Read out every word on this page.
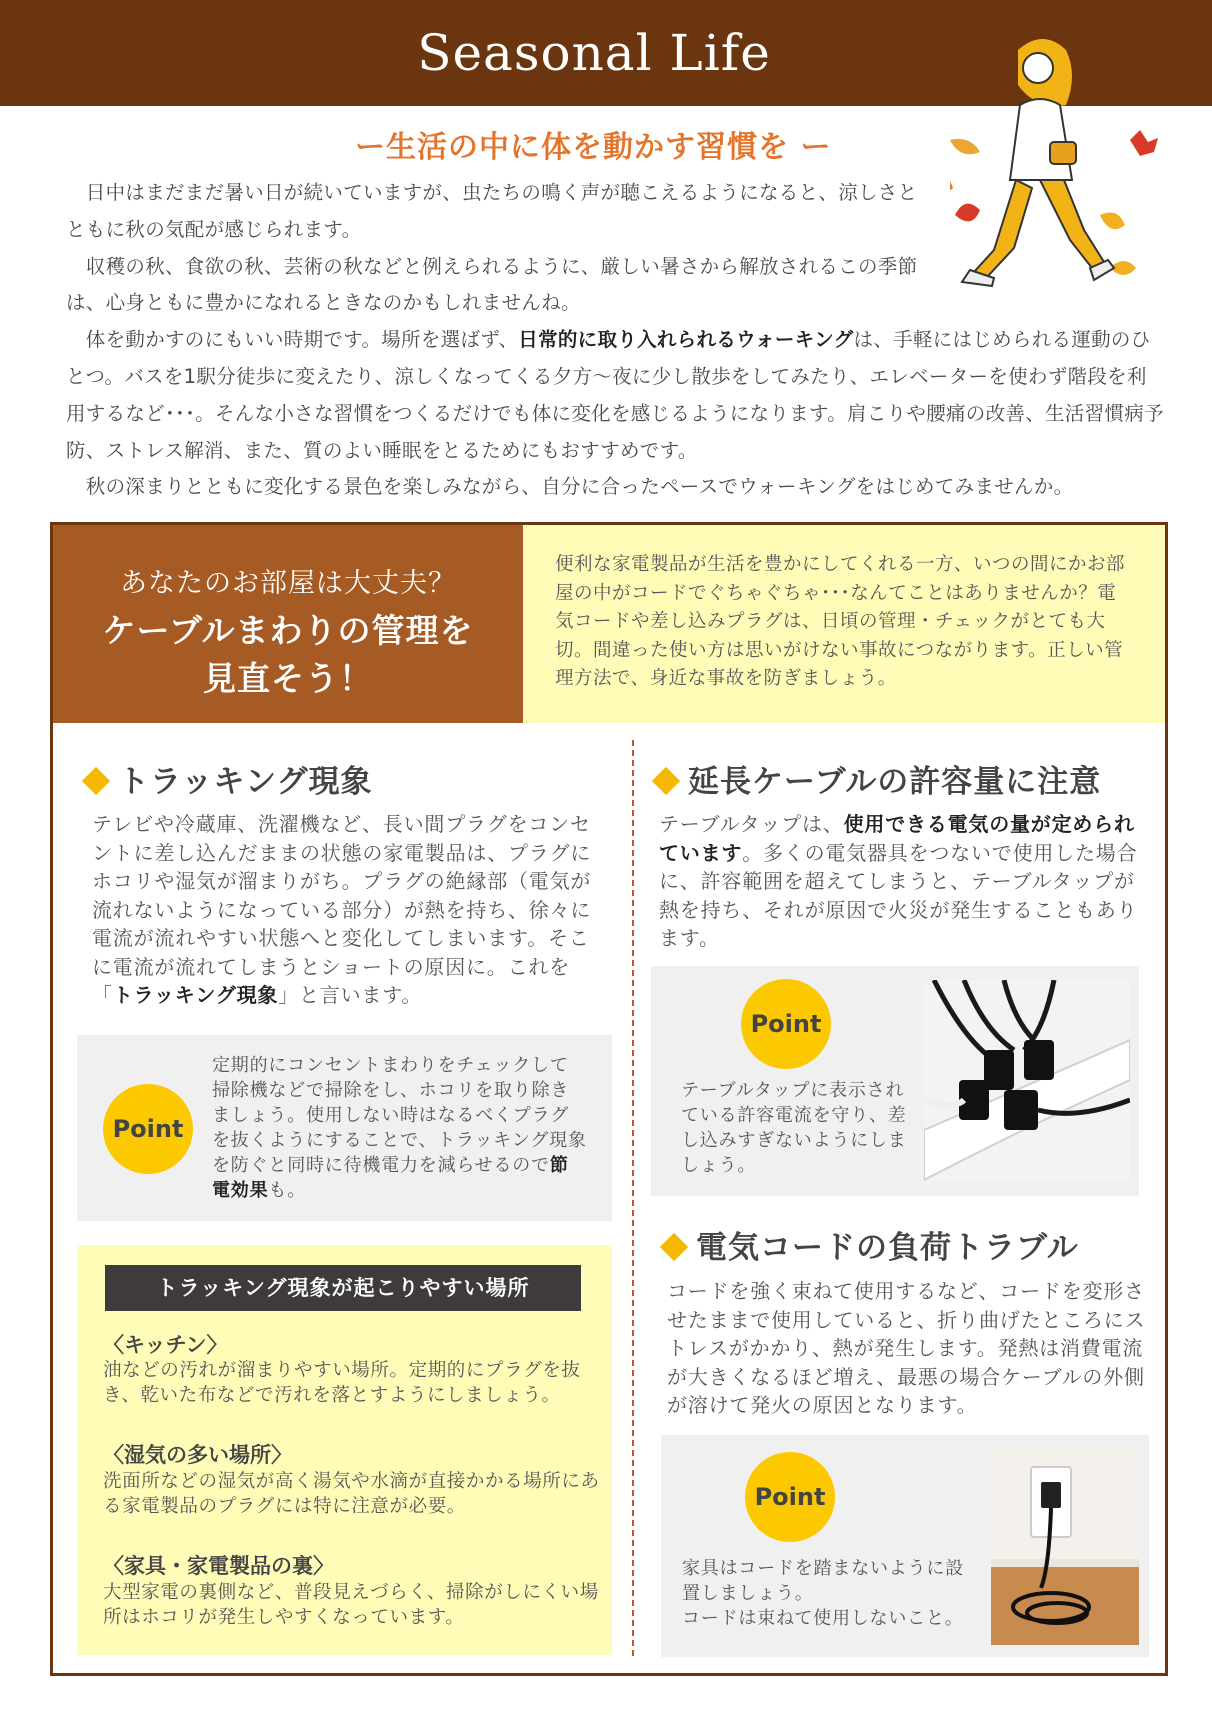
Seasonal Life
ー生活の中に体を動かす習慣を ー

　日中はまだまだ暑い日が続いていますが、虫たちの鳴く声が聴こえるようになると、涼しさとともに秋の気配が感じられます。

　収穫の秋、食欲の秋、芸術の秋などと例えられるように、厳しい暑さから解放されるこの季節は、心身ともに豊かになれるときなのかもしれませんね。

　体を動かすのにもいい時期です。場所を選ばず、日常的に取り入れられるウォーキングは、手軽にはじめられる運動のひとつ。バスを1駅分徒歩に変えたり、涼しくなってくる夕方〜夜に少し散歩をしてみたり、エレベーターを使わず階段を利用するなど･･･。そんな小さな習慣をつくるだけでも体に変化を感じるようになります。肩こりや腰痛の改善、生活習慣病予防、ストレス解消、また、質のよい睡眠をとるためにもおすすめです。

　秋の深まりとともに変化する景色を楽しみながら、自分に合ったペースでウォーキングをはじめてみませんか。

あなたのお部屋は大丈夫？
ケーブルまわりの管理を
見直そう！
便利な家電製品が生活を豊かにしてくれる一方、いつの間にかお部屋の中がコードでぐちゃぐちゃ･･･なんてことはありませんか？電気コードや差し込みプラグは、日頃の管理・チェックがとても大切。間違った使い方は思いがけない事故につながります。正しい管理方法で、身近な事故を防ぎましょう。
トラッキング現象
テレビや冷蔵庫、洗濯機など、長い間プラグをコンセントに差し込んだままの状態の家電製品は、プラグにホコリや湿気が溜まりがち。プラグの絶縁部（電気が流れないようになっている部分）が熱を持ち、徐々に電流が流れやすい状態へと変化してしまいます。そこに電流が流れてしまうとショートの原因に。これを「トラッキング現象」と言います。
Point
定期的にコンセントまわりをチェックして掃除機などで掃除をし、ホコリを取り除きましょう。使用しない時はなるべくプラグを抜くようにすることで、トラッキング現象を防ぐと同時に待機電力を減らせるので節電効果も。
トラッキング現象が起こりやすい場所
〈キッチン〉
油などの汚れが溜まりやすい場所。定期的にプラグを抜き、乾いた布などで汚れを落とすようにしましょう。
〈湿気の多い場所〉
洗面所などの湿気が高く湯気や水滴が直接かかる場所にある家電製品のプラグには特に注意が必要。
〈家具・家電製品の裏〉
大型家電の裏側など、普段見えづらく、掃除がしにくい場所はホコリが発生しやすくなっています。
延長ケーブルの許容量に注意
テーブルタップは、使用できる電気の量が定められています。多くの電気器具をつないで使用した場合に、許容範囲を超えてしまうと、テーブルタップが熱を持ち、それが原因で火災が発生することもあります。
Point
テーブルタップに表示されている許容電流を守り、差し込みすぎないようにしましょう。
電気コードの負荷トラブル
コードを強く束ねて使用するなど、コードを変形させたままで使用していると、折り曲げたところにストレスがかかり、熱が発生します。発熱は消費電流が大きくなるほど増え、最悪の場合ケーブルの外側が溶けて発火の原因となります。
Point
家具はコードを踏まないように設置しましょう。
コードは束ねて使用しないこと。
